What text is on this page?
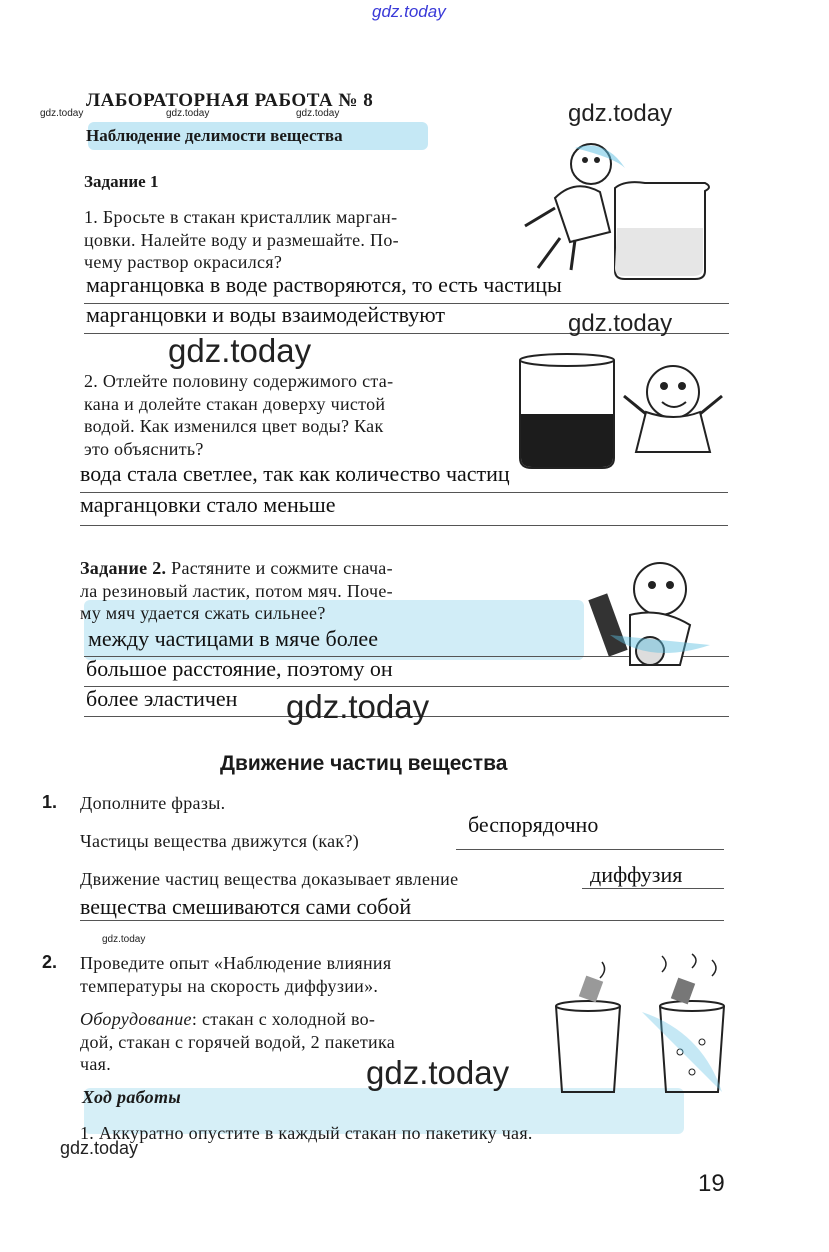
gdz.today
ЛАБОРАТОРНАЯ РАБОТА № 8
Наблюдение делимости вещества
gdz.today	gdz.today	gdz.today	gdz.today
Задание 1
1. Бросьте в стакан кристаллик марган-
цовки. Налейте воду и размешайте. По-
чему раствор окрасился?
марганцовка в воде растворяются, то есть частицы
марганцовки и воды взаимодействуют	gdz.today
gdz.today
2. Отлейте половину содержимого ста-
кана и долейте стакан доверху чистой
водой. Как изменился цвет воды? Как
это объяснить?
вода стала светлее, так как количество частиц
марганцовки стало меньше
Задание 2. Растяните и сожмите снача-
ла резиновый ластик, потом мяч. Поче-
му мяч удается сжать сильнее?
между частицами в мяче более
большое расстояние, поэтому он
более эластичен gdz.today
Движение частиц вещества
1. Дополните фразы.
Частицы вещества движутся (как?)
беспорядочно
Движение частиц вещества доказывает явление	диффузия
вещества смешиваются сами собой
gdz.today
2. Проведите опыт «Наблюдение влияния
температуры на скорость диффузии».
Оборудование: стакан с холодной во-
дой, стакан с горячей водой, 2 пакетика
чая.	gdz.today
Ход работы
1. Аккуратно опустите в каждый стакан по пакетику чая.
gdz.today
19
